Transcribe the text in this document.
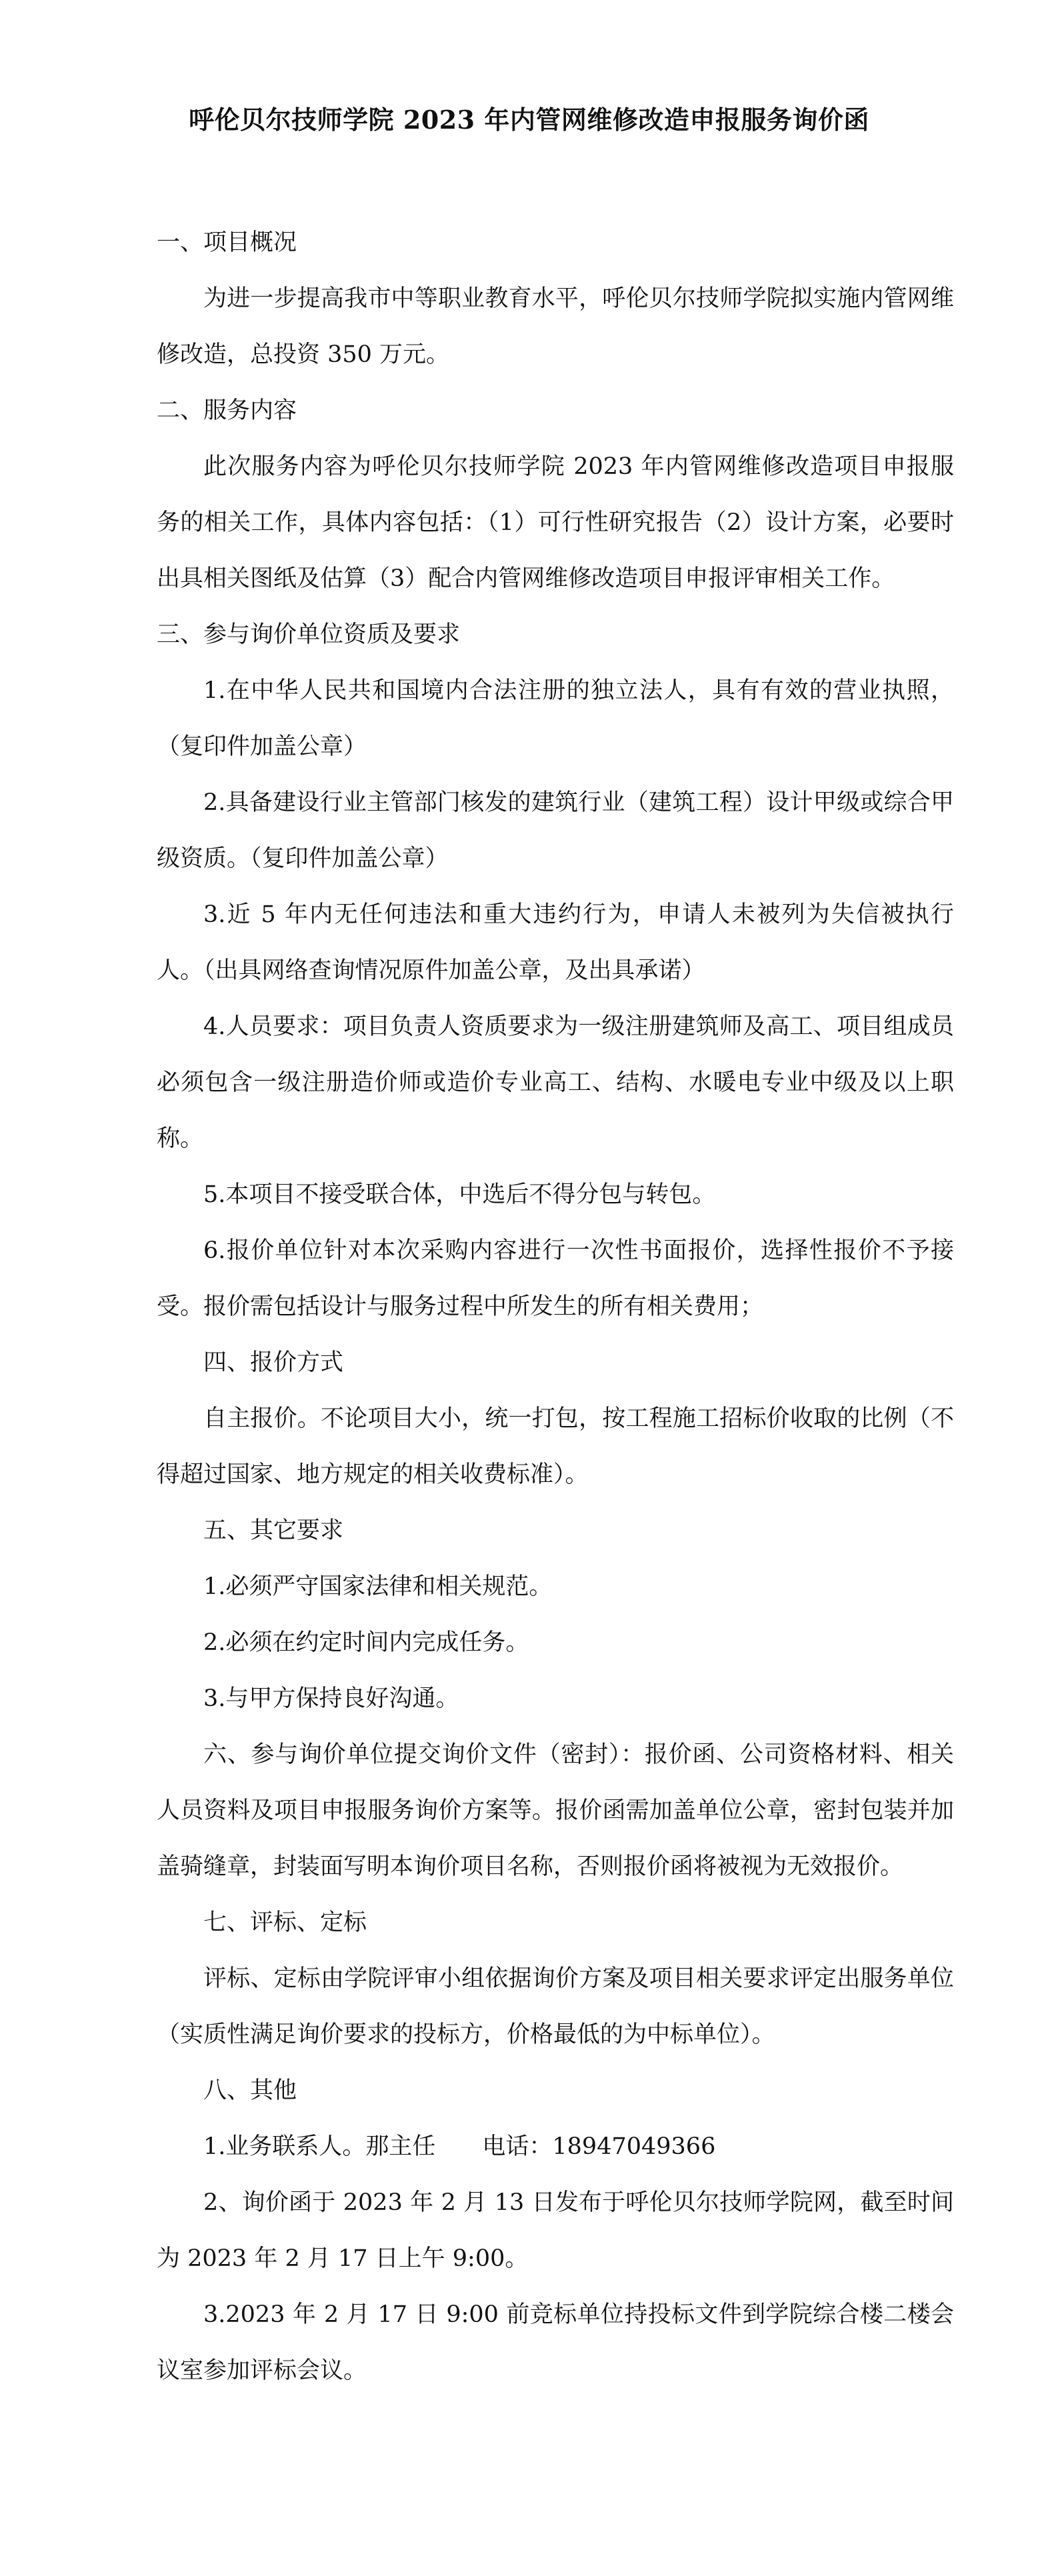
呼伦贝尔技师学院 2023 年内管网维修改造申报服务询价函

一、项目概况

为进一步提高我市中等职业教育水平，呼伦贝尔技师学院拟实施内管网维修改造，总投资 350 万元。

二、服务内容

此次服务内容为呼伦贝尔技师学院 2023 年内管网维修改造项目申报服务的相关工作，具体内容包括：（1）可行性研究报告（2）设计方案，必要时出具相关图纸及估算（3）配合内管网维修改造项目申报评审相关工作。

三、参与询价单位资质及要求

1.在中华人民共和国境内合法注册的独立法人，具有有效的营业执照，（复印件加盖公章）

2.具备建设行业主管部门核发的建筑行业（建筑工程）设计甲级或综合甲级资质。（复印件加盖公章）

3.近 5 年内无任何违法和重大违约行为，申请人未被列为失信被执行人。（出具网络查询情况原件加盖公章，及出具承诺）

4.人员要求：项目负责人资质要求为一级注册建筑师及高工、项目组成员必须包含一级注册造价师或造价专业高工、结构、水暖电专业中级及以上职称。

5.本项目不接受联合体，中选后不得分包与转包。

6.报价单位针对本次采购内容进行一次性书面报价，选择性报价不予接受。报价需包括设计与服务过程中所发生的所有相关费用；

四、报价方式

自主报价。不论项目大小，统一打包，按工程施工招标价收取的比例（不得超过国家、地方规定的相关收费标准）。

五、其它要求

1.必须严守国家法律和相关规范。

2.必须在约定时间内完成任务。

3.与甲方保持良好沟通。

六、参与询价单位提交询价文件（密封）：报价函、公司资格材料、相关人员资料及项目申报服务询价方案等。报价函需加盖单位公章，密封包装并加盖骑缝章，封装面写明本询价项目名称，否则报价函将被视为无效报价。

七、评标、定标

评标、定标由学院评审小组依据询价方案及项目相关要求评定出服务单位（实质性满足询价要求的投标方，价格最低的为中标单位）。

八、其他

1.业务联系人。那主任　　电话：18947049366

2、询价函于 2023 年 2 月 13 日发布于呼伦贝尔技师学院网，截至时间为 2023 年 2 月 17 日上午 9:00。

3.2023 年 2 月 17 日 9:00 前竞标单位持投标文件到学院综合楼二楼会议室参加评标会议。
